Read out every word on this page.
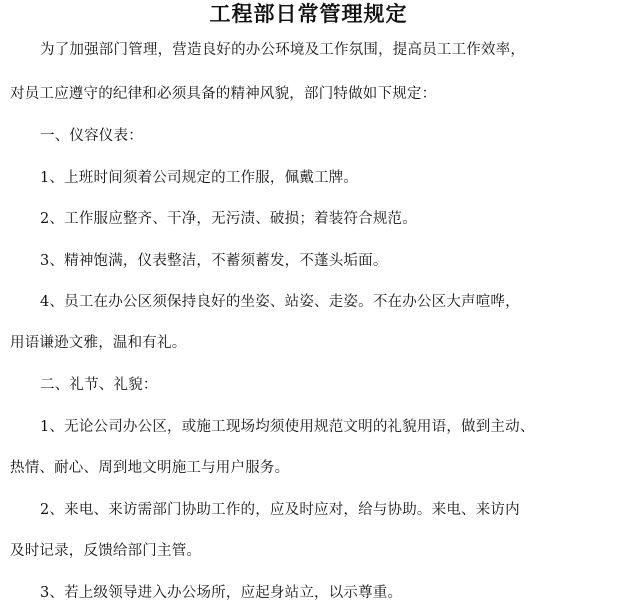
工程部日常管理规定
为了加强部门管理，营造良好的办公环境及工作氛围，提高员工工作效率，
对员工应遵守的纪律和必须具备的精神风貌，部门特做如下规定：
一、仪容仪表：
1、上班时间须着公司规定的工作服，佩戴工牌。
2、工作服应整齐、干净，无污渍、破损；着装符合规范。
3、精神饱满，仪表整洁，不蓄须蓄发，不蓬头垢面。
4、员工在办公区须保持良好的坐姿、站姿、走姿。不在办公区大声喧哗，
用语谦逊文雅，温和有礼。
二、礼节、礼貌：
1、无论公司办公区，或施工现场均须使用规范文明的礼貌用语，做到主动、
热情、耐心、周到地文明施工与用户服务。
2、来电、来访需部门协助工作的，应及时应对，给与协助。来电、来访内
及时记录，反馈给部门主管。
3、若上级领导进入办公场所，应起身站立，以示尊重。
